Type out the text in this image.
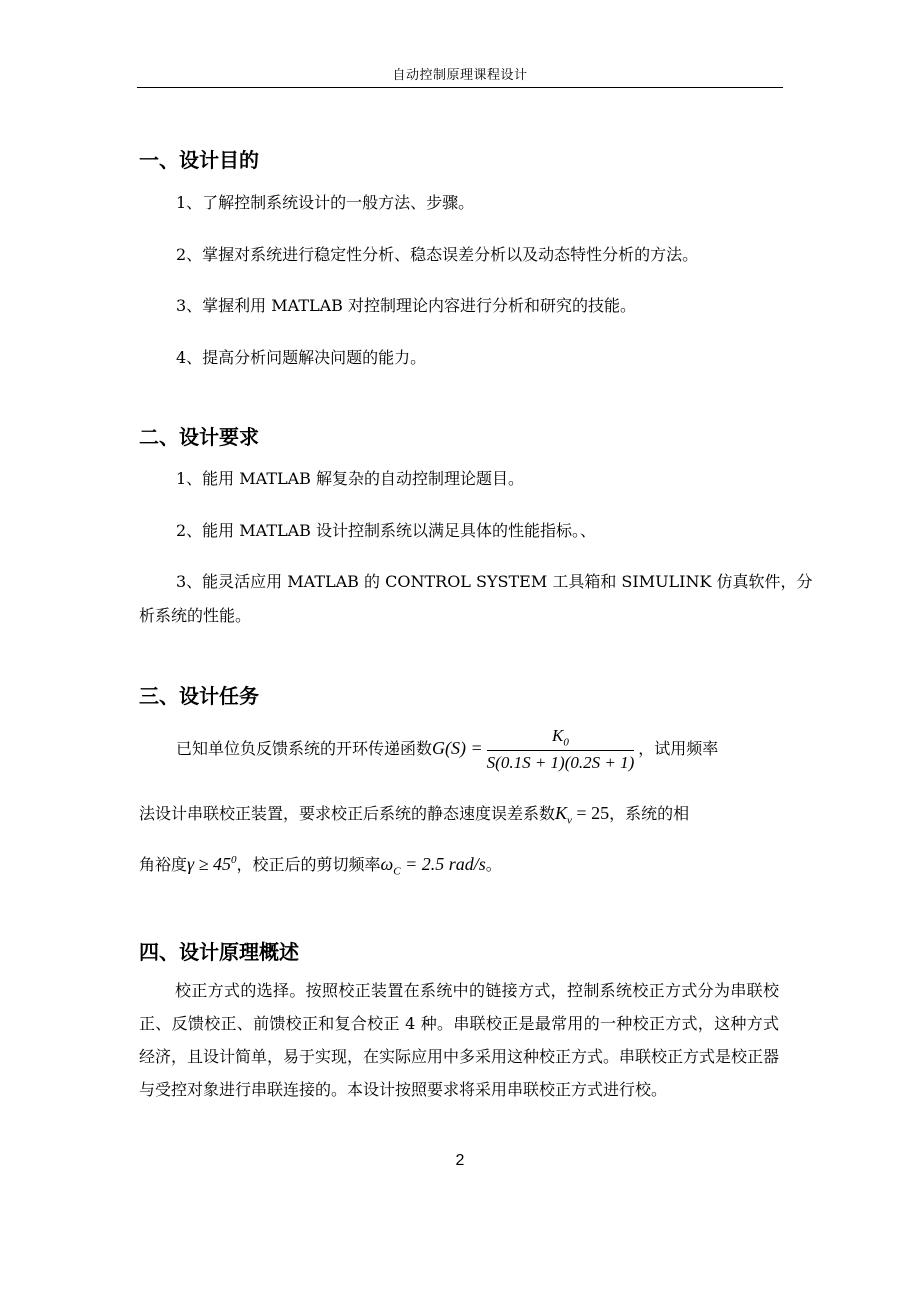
自动控制原理课程设计
一、设计目的

1、了解控制系统设计的一般方法、步骤。

2、掌握对系统进行稳定性分析、稳态误差分析以及动态特性分析的方法。

3、掌握利用 MATLAB 对控制理论内容进行分析和研究的技能。

4、提高分析问题解决问题的能力。

二、设计要求

1、能用 MATLAB 解复杂的自动控制理论题目。

2、能用 MATLAB 设计控制系统以满足具体的性能指标。、

3、能灵活应用 MATLAB 的 CONTROL SYSTEM 工具箱和 SIMULINK 仿真软件，分

析系统的性能。

三、设计任务
已知单位负反馈系统的开环传递函数$G(S) = \frac{K_0}{S(0.1S + 1)(0.2S + 1)}$ ，试用频率

法设计串联校正装置，要求校正后系统的静态速度误差系数$K_v = 25$，系统的相

角裕度$\gamma \ge 45^0$，校正后的剪切频率$\omega_C = 2.5$ rad/s。

四、设计原理概述

校正方式的选择。按照校正装置在系统中的链接方式，控制系统校正方式分为串联校正、反馈校正、前馈校正和复合校正 4 种。串联校正是最常用的一种校正方式，这种方式经济，且设计简单，易于实现，在实际应用中多采用这种校正方式。串联校正方式是校正器与受控对象进行串联连接的。本设计按照要求将采用串联校正方式进行校。

2
